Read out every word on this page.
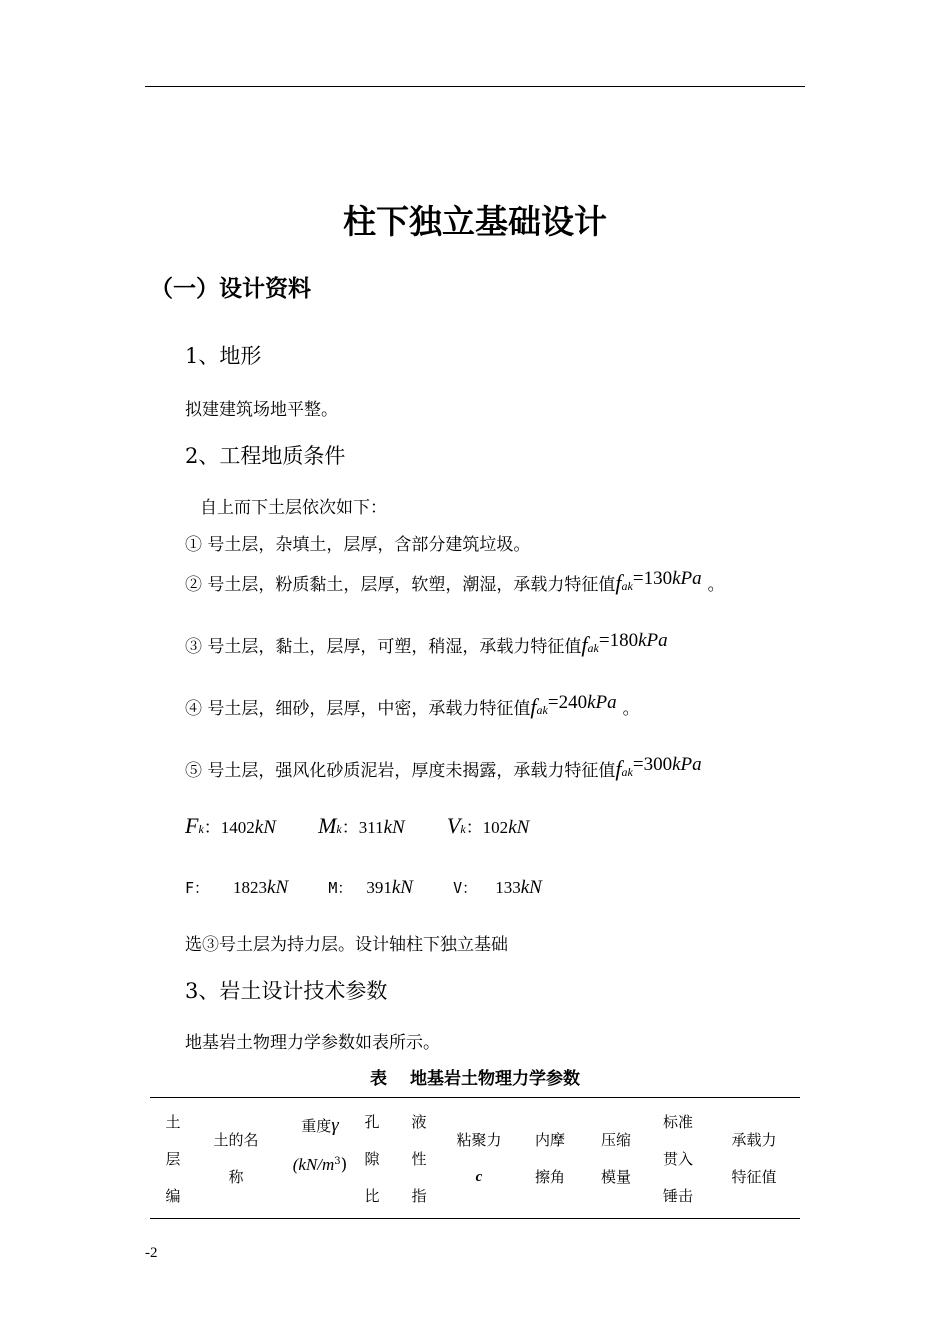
柱下独立基础设计
（一）设计资料
1、地形
拟建建筑场地平整。
2、工程地质条件
自上而下土层依次如下：
① 号土层，杂填土，层厚，含部分建筑垃圾。
② 号土层，粉质黏土，层厚，软塑，潮湿，承载力特征值fak=130kPa 。
③ 号土层，黏土，层厚，可塑，稍湿，承载力特征值fak=180kPa
④ 号土层，细砂，层厚，中密，承载力特征值fak=240kPa 。
⑤ 号土层，强风化砂质泥岩，厚度未揭露，承载力特征值fak=300kPa
Fk：1402kN Mk：311kN Vk：102kN
F： 1823kN	M： 391kN	V： 133kN
选③号土层为持力层。设计轴柱下独立基础
3、岩土设计技术参数
地基岩土物理力学参数如表所示。
表　 地基岩土物理力学参数
土
层
编
土的名
称
重度γ
$(kN/m^3)$
孔
隙
比
液
性
指
粘聚力
c
内摩
擦角
压缩
模量
标准
贯入
锤击
承载力
特征值
-2
